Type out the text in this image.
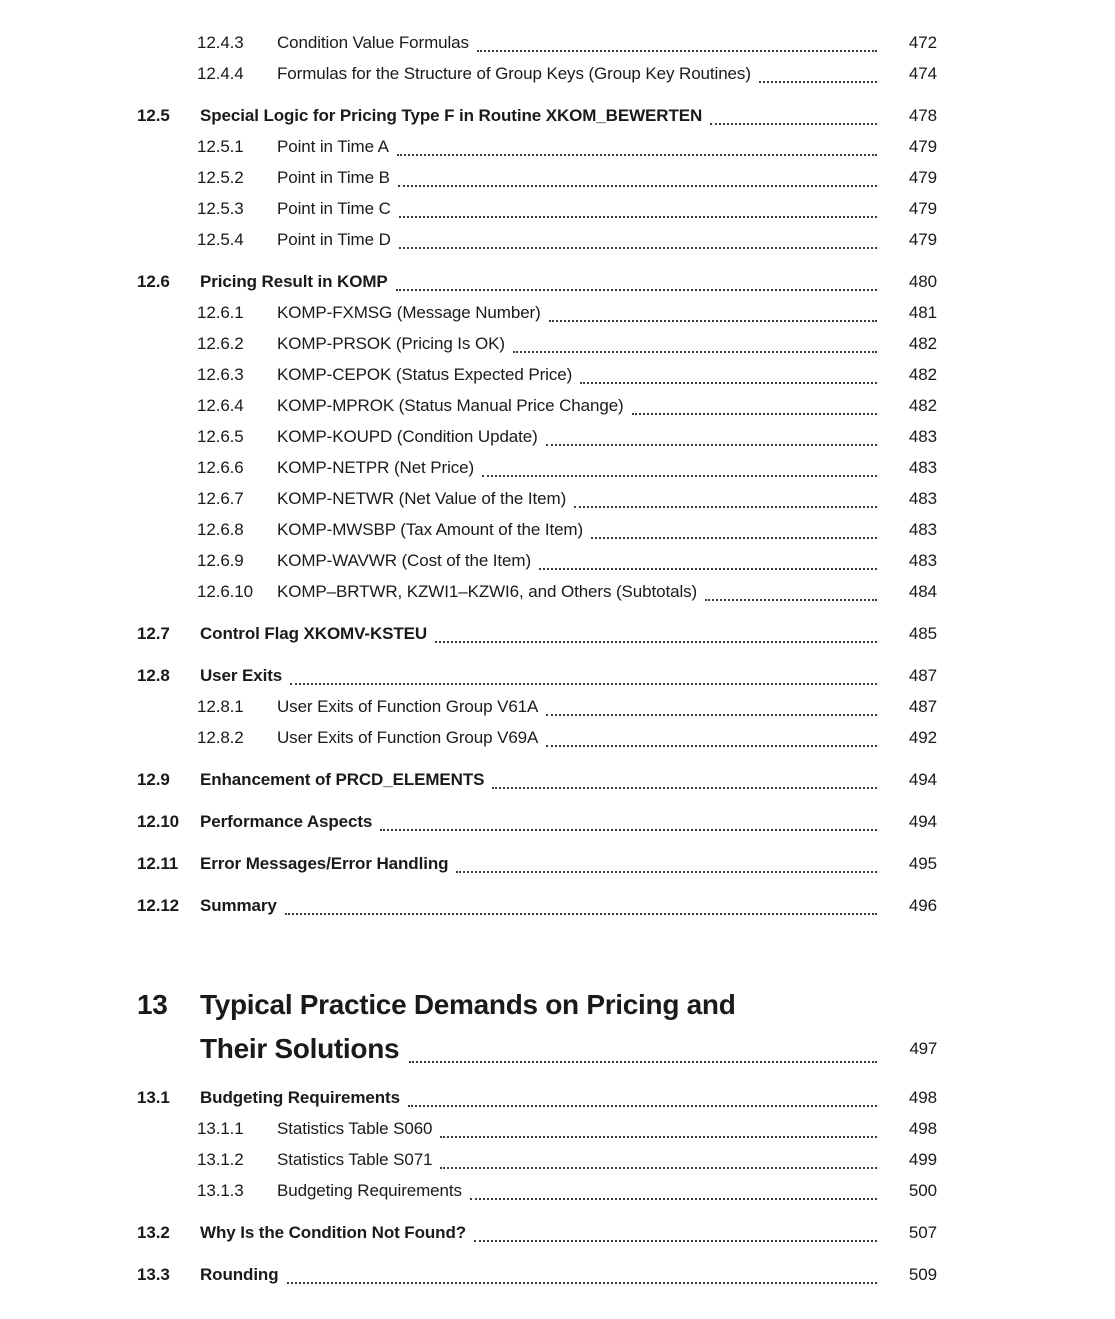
12.4.3	Condition Value Formulas	472
12.4.4	Formulas for the Structure of Group Keys (Group Key Routines)	474
12.5	Special Logic for Pricing Type F in Routine XKOM_BEWERTEN	478
12.5.1	Point in Time A	479
12.5.2	Point in Time B	479
12.5.3	Point in Time C	479
12.5.4	Point in Time D	479
12.6	Pricing Result in KOMP	480
12.6.1	KOMP-FXMSG (Message Number)	481
12.6.2	KOMP-PRSOK (Pricing Is OK)	482
12.6.3	KOMP-CEPOK (Status Expected Price)	482
12.6.4	KOMP-MPROK (Status Manual Price Change)	482
12.6.5	KOMP-KOUPD (Condition Update)	483
12.6.6	KOMP-NETPR (Net Price)	483
12.6.7	KOMP-NETWR (Net Value of the Item)	483
12.6.8	KOMP-MWSBP (Tax Amount of the Item)	483
12.6.9	KOMP-WAVWR (Cost of the Item)	483
12.6.10	KOMP–BRTWR, KZWI1–KZWI6, and Others (Subtotals)	484
12.7	Control Flag XKOMV-KSTEU	485
12.8	User Exits	487
12.8.1	User Exits of Function Group V61A	487
12.8.2	User Exits of Function Group V69A	492
12.9	Enhancement of PRCD_ELEMENTS	494
12.10	Performance Aspects	494
12.11	Error Messages/Error Handling	495
12.12	Summary	496
13	Typical Practice Demands on Pricing and
Their Solutions	497
13.1	Budgeting Requirements	498
13.1.1	Statistics Table S060	498
13.1.2	Statistics Table S071	499
13.1.3	Budgeting Requirements	500
13.2	Why Is the Condition Not Found?	507
13.3	Rounding	509
